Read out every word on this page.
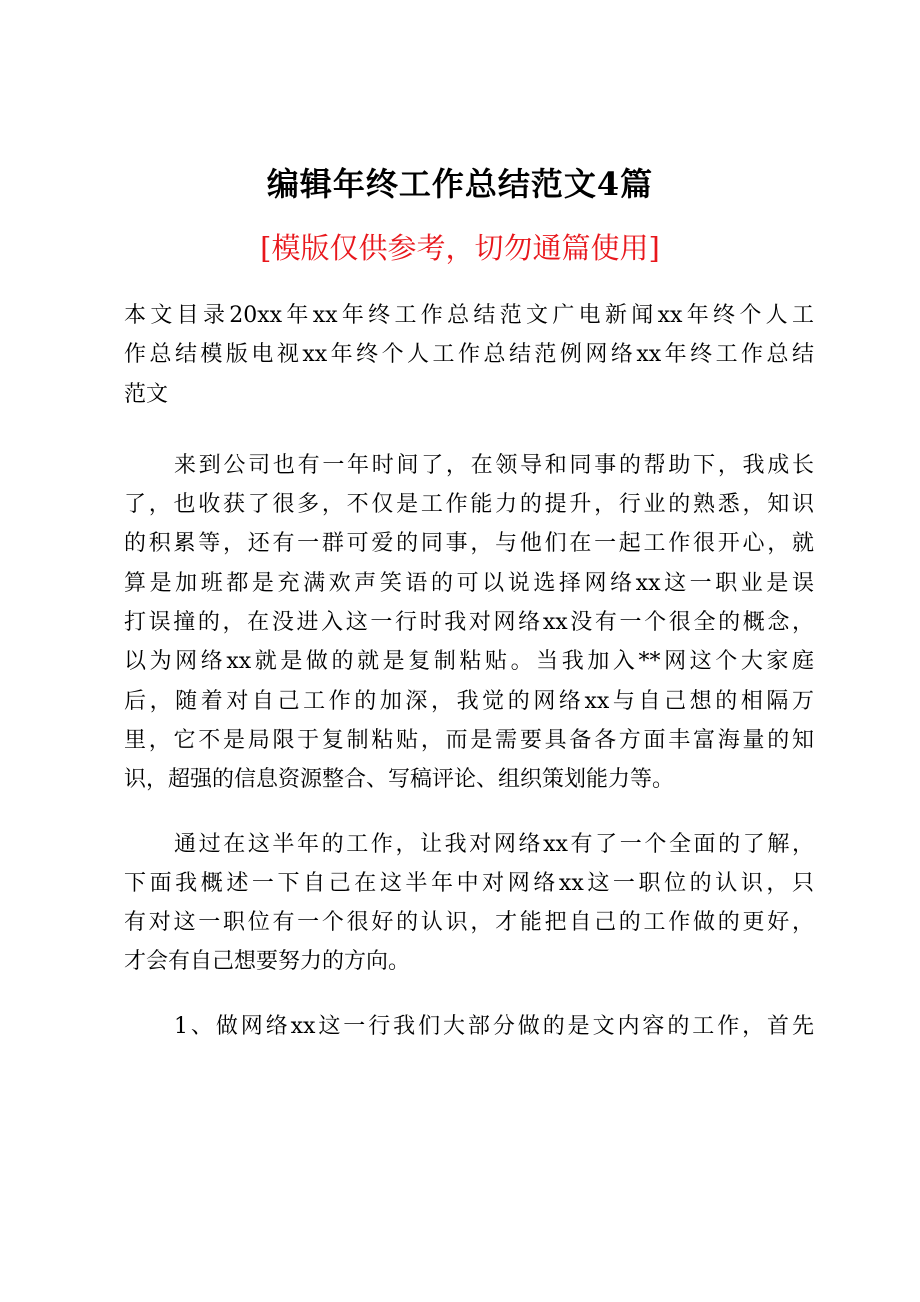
编辑年终工作总结范文4篇
[模版仅供参考，切勿通篇使用]
本文目录20xx年xx年终工作总结范文广电新闻xx年终个人工
作总结模版电视xx年终个人工作总结范例网络xx年终工作总结
范文
来到公司也有一年时间了，在领导和同事的帮助下，我成长
了，也收获了很多，不仅是工作能力的提升，行业的熟悉，知识
的积累等，还有一群可爱的同事，与他们在一起工作很开心，就
算是加班都是充满欢声笑语的可以说选择网络xx这一职业是误
打误撞的，在没进入这一行时我对网络xx没有一个很全的概念，
以为网络xx就是做的就是复制粘贴。当我加入**网这个大家庭
后，随着对自己工作的加深，我觉的网络xx与自己想的相隔万
里，它不是局限于复制粘贴，而是需要具备各方面丰富海量的知
识，超强的信息资源整合、写稿评论、组织策划能力等。
通过在这半年的工作，让我对网络xx有了一个全面的了解，
下面我概述一下自己在这半年中对网络xx这一职位的认识，只
有对这一职位有一个很好的认识，才能把自己的工作做的更好，
才会有自己想要努力的方向。
1、做网络xx这一行我们大部分做的是文内容的工作，首先
